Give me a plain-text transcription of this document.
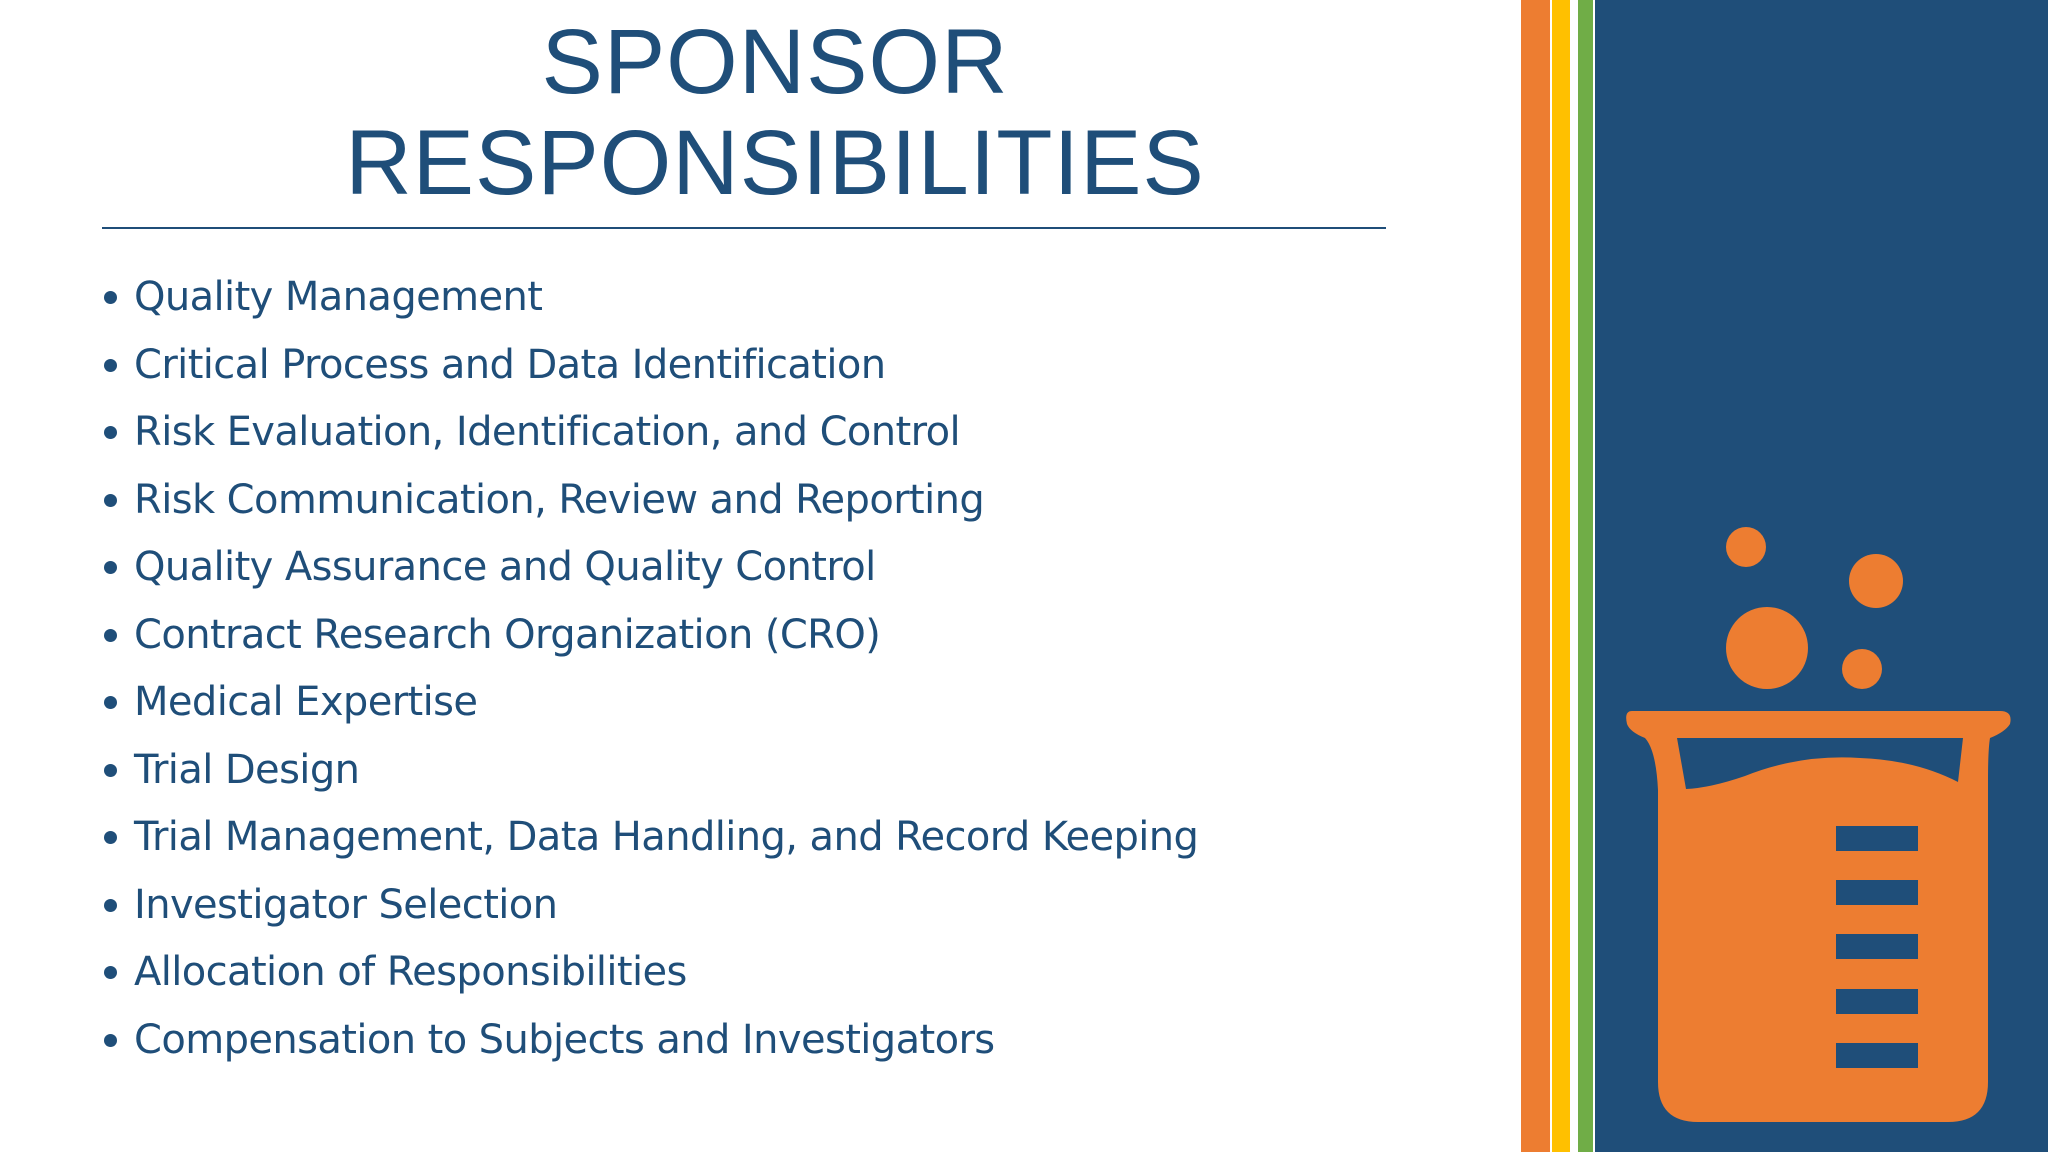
SPONSOR
RESPONSIBILITIES
Quality Management
Critical Process and Data Identification
Risk Evaluation, Identification, and Control
Risk Communication, Review and Reporting
Quality Assurance and Quality Control
Contract Research Organization (CRO)
Medical Expertise
Trial Design
Trial Management, Data Handling, and Record Keeping
Investigator Selection
Allocation of Responsibilities
Compensation to Subjects and Investigators
